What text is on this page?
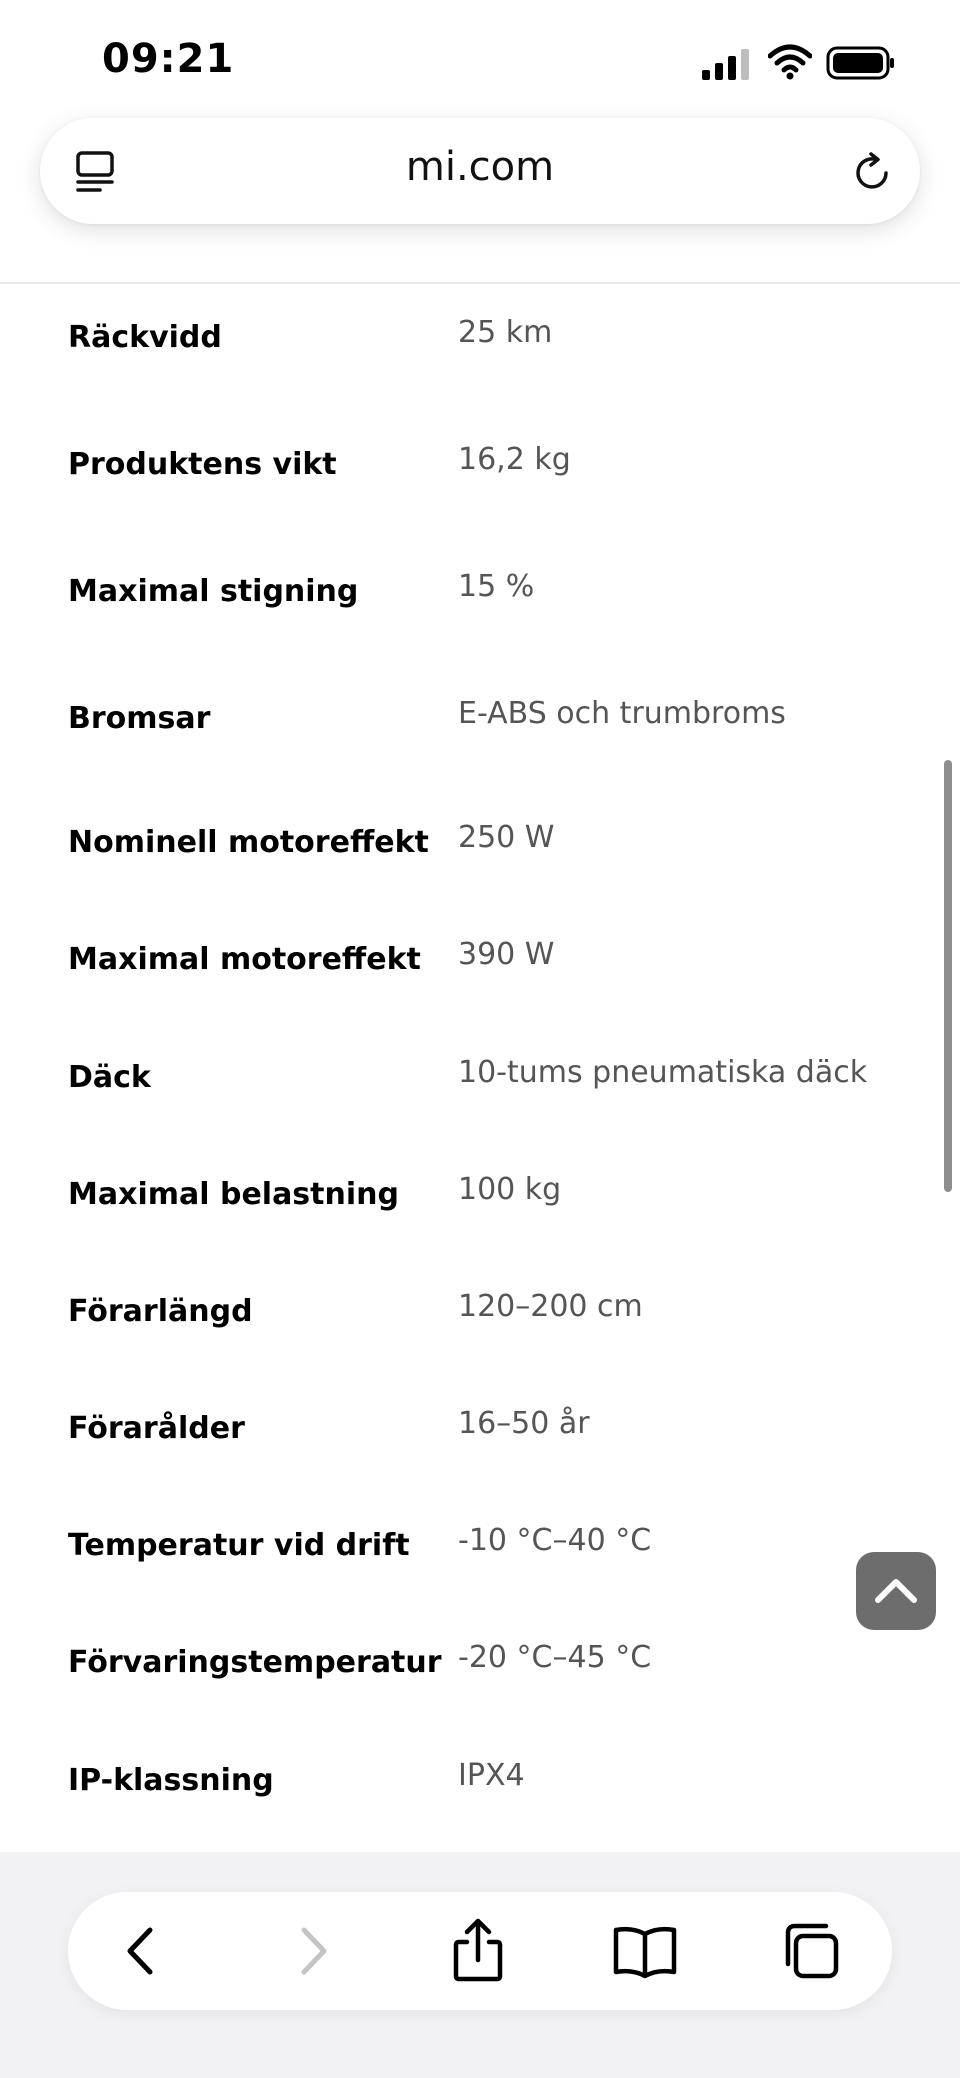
09:21
mi.com
Räckvidd	25 km
Produktens vikt	16,2 kg
Maximal stigning	15 %
Bromsar	E-ABS och trumbroms
Nominell motoreffekt 250 W
Maximal motoreffekt 390 W
Däck	10-tums pneumatiska däck
Maximal belastning 100 kg
Förarlängd	120–200 cm
Förarålder	16–50 år
Temperatur vid drift -10 °C–40 °C
Förvaringstemperatur -20 °C–45 °C
IP-klassning	IPX4
